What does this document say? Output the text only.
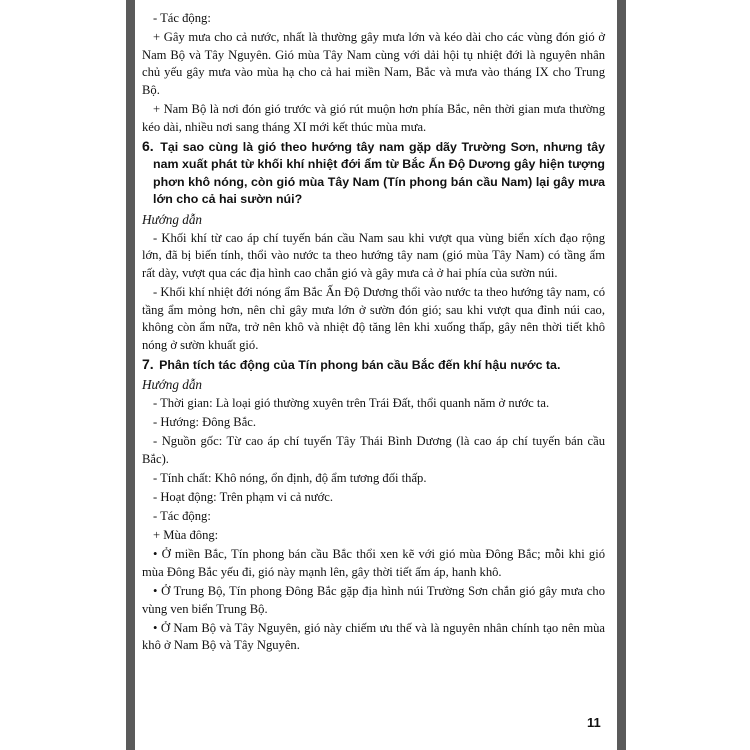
- Tác động:

+ Gây mưa cho cả nước, nhất là thường gây mưa lớn và kéo dài cho các vùng đón gió ở Nam Bộ và Tây Nguyên. Gió mùa Tây Nam cùng với dải hội tụ nhiệt đới là nguyên nhân chủ yếu gây mưa vào mùa hạ cho cả hai miền Nam, Bắc và mưa vào tháng IX cho Trung Bộ.

+ Nam Bộ là nơi đón gió trước và gió rút muộn hơn phía Bắc, nên thời gian mưa thường kéo dài, nhiều nơi sang tháng XI mới kết thúc mùa mưa.

6. Tại sao cùng là gió theo hướng tây nam gặp dãy Trường Sơn, nhưng tây nam xuất phát từ khối khí nhiệt đới ẩm từ Bắc Ấn Độ Dương gây hiện tượng phơn khô nóng, còn gió mùa Tây Nam (Tín phong bán cầu Nam) lại gây mưa lớn cho cả hai sườn núi?

Hướng dẫn

- Khối khí từ cao áp chí tuyến bán cầu Nam sau khi vượt qua vùng biển xích đạo rộng lớn, đã bị biến tính, thổi vào nước ta theo hướng tây nam (gió mùa Tây Nam) có tầng ẩm rất dày, vượt qua các địa hình cao chắn gió và gây mưa cả ở hai phía của sườn núi.

- Khối khí nhiệt đới nóng ẩm Bắc Ấn Độ Dương thổi vào nước ta theo hướng tây nam, có tầng ẩm mỏng hơn, nên chỉ gây mưa lớn ở sườn đón gió; sau khi vượt qua đỉnh núi cao, không còn ẩm nữa, trở nên khô và nhiệt độ tăng lên khi xuống thấp, gây nên thời tiết khô nóng ở sườn khuất gió.

7. Phân tích tác động của Tín phong bán cầu Bắc đến khí hậu nước ta.

Hướng dẫn

- Thời gian: Là loại gió thường xuyên trên Trái Đất, thổi quanh năm ở nước ta.

- Hướng: Đông Bắc.

- Nguồn gốc: Từ cao áp chí tuyến Tây Thái Bình Dương (là cao áp chí tuyến bán cầu Bắc).

- Tính chất: Khô nóng, ổn định, độ ẩm tương đối thấp.

- Hoạt động: Trên phạm vi cả nước.

- Tác động:

+ Mùa đông:

• Ở miền Bắc, Tín phong bán cầu Bắc thổi xen kẽ với gió mùa Đông Bắc; mỗi khi gió mùa Đông Bắc yếu đi, gió này mạnh lên, gây thời tiết ấm áp, hanh khô.

• Ở Trung Bộ, Tín phong Đông Bắc gặp địa hình núi Trường Sơn chắn gió gây mưa cho vùng ven biển Trung Bộ.

• Ở Nam Bộ và Tây Nguyên, gió này chiếm ưu thế và là nguyên nhân chính tạo nên mùa khô ở Nam Bộ và Tây Nguyên.

11
